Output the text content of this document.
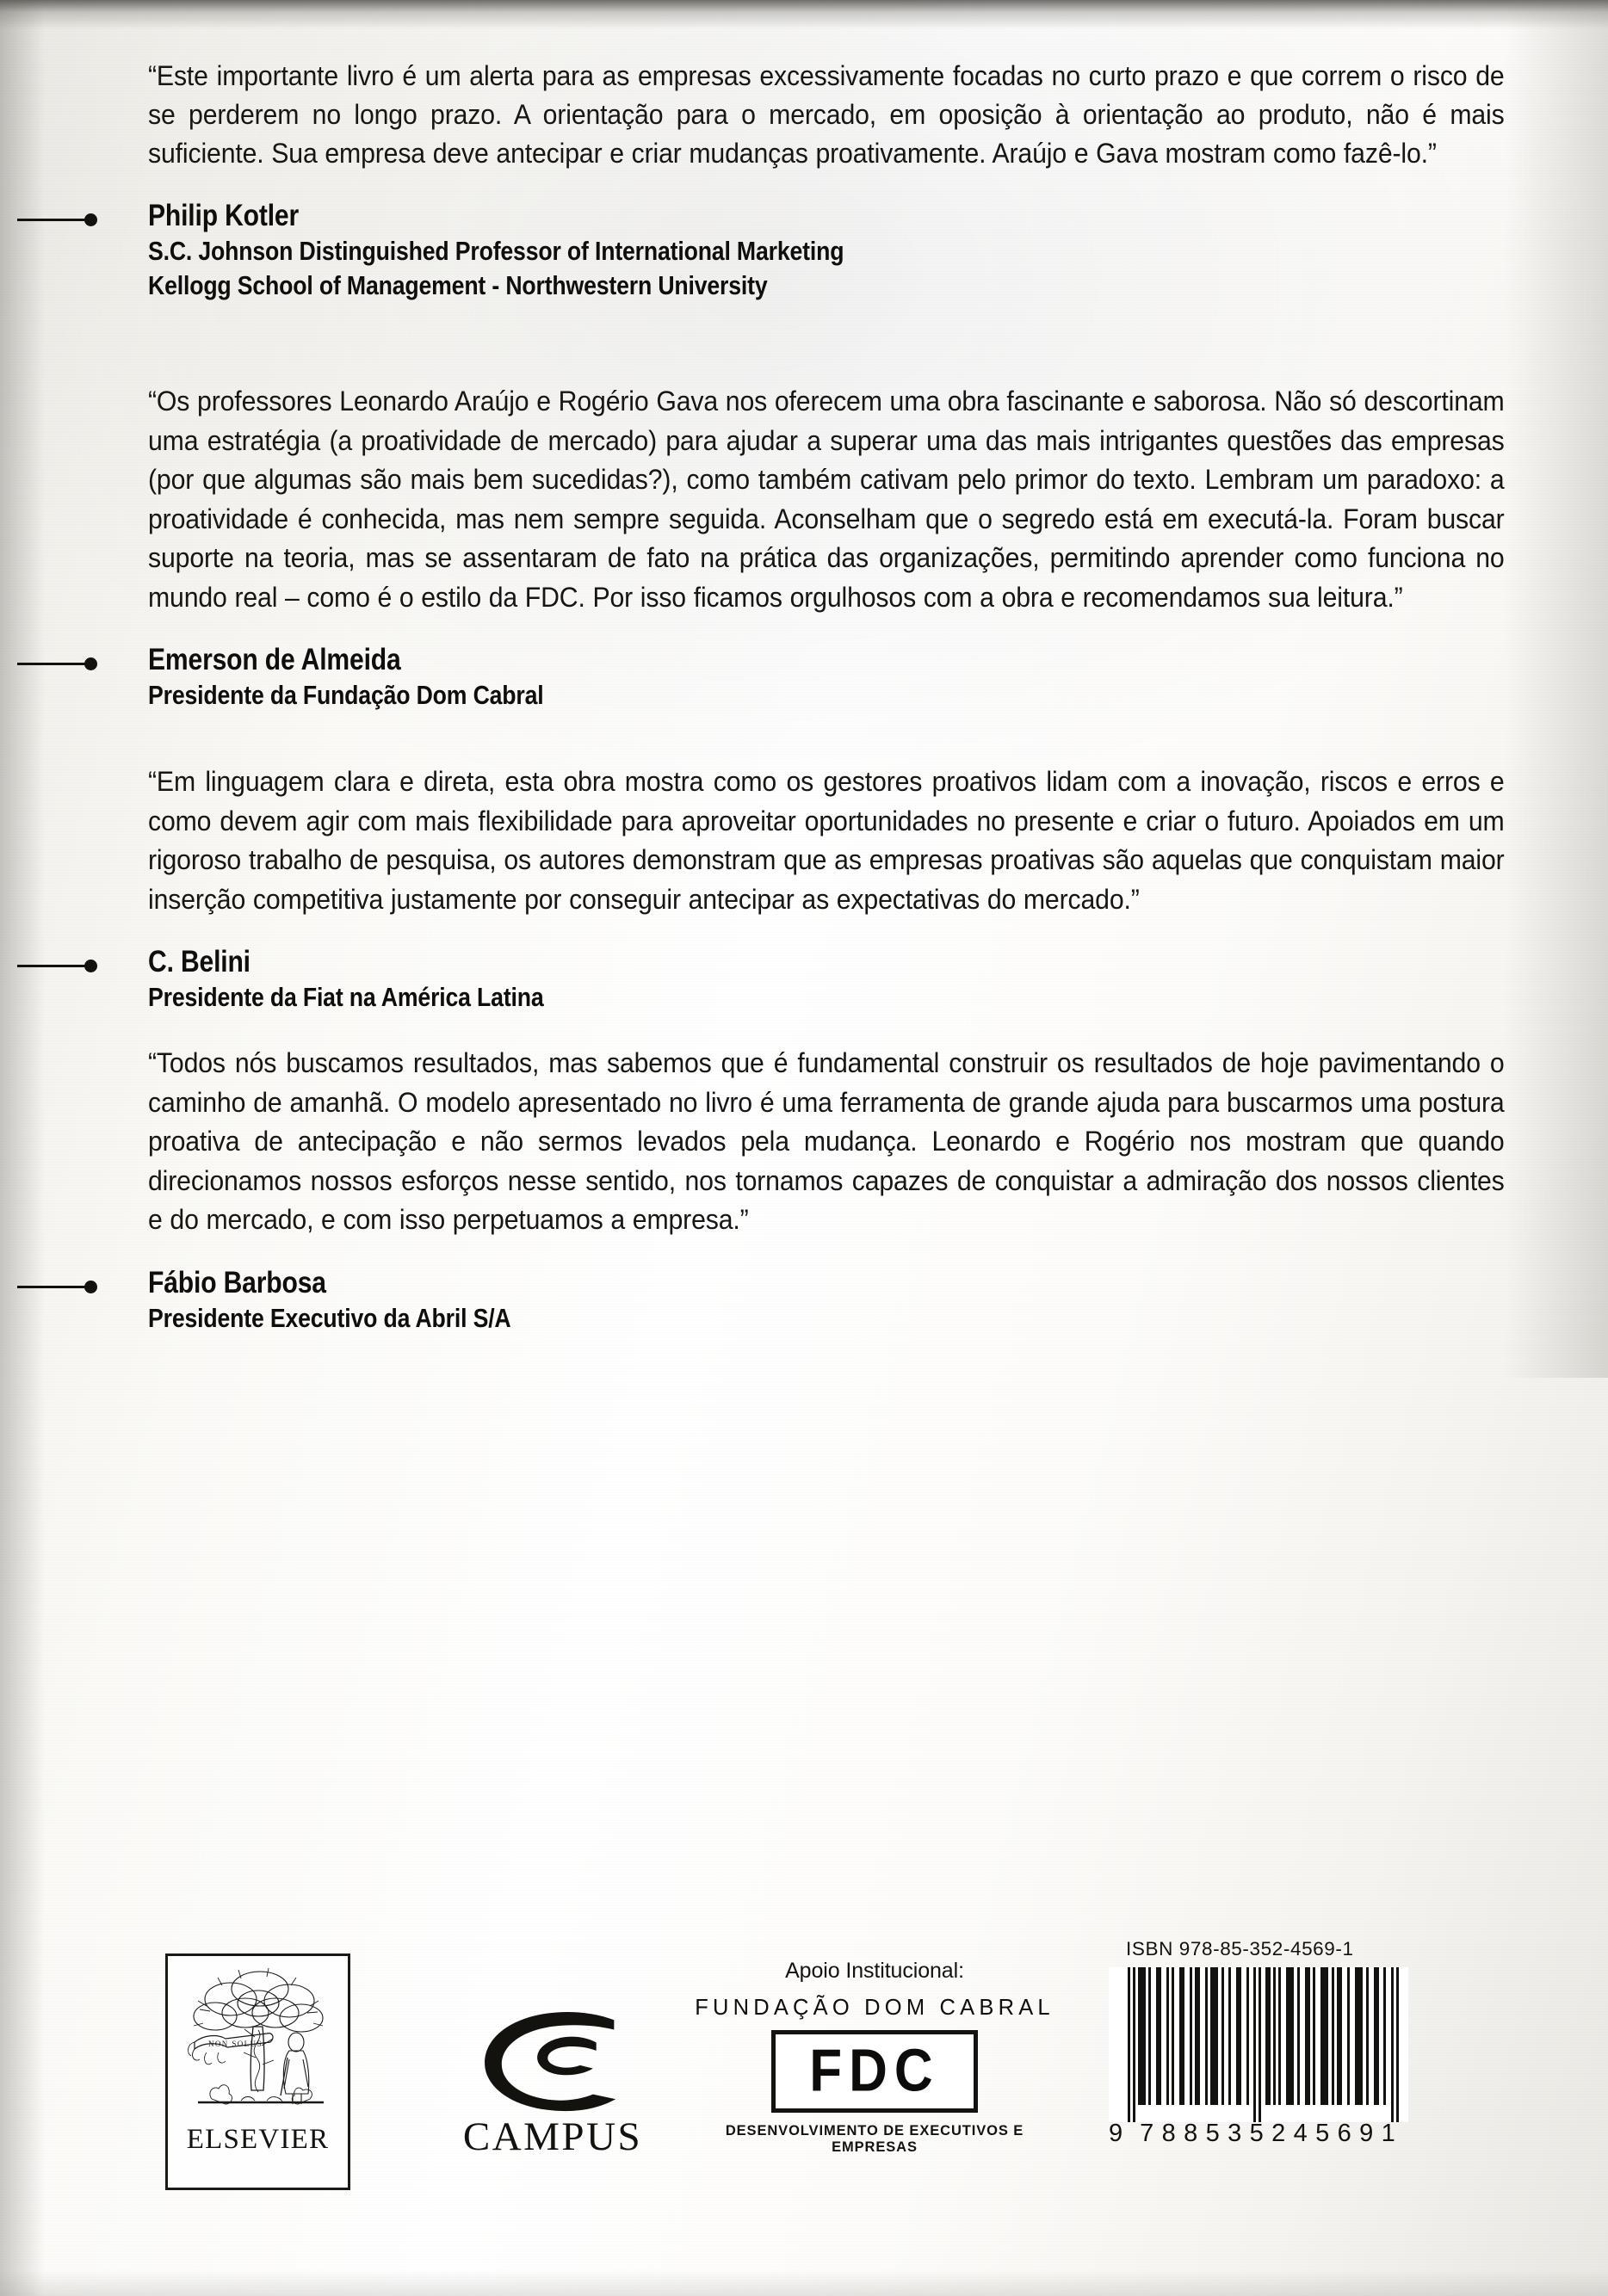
“Este importante livro é um alerta para as empresas excessivamente focadas no curto prazo e que correm o risco de se perderem no longo prazo. A orientação para o mercado, em oposição à orientação ao produto, não é mais suficiente. Sua empresa deve antecipar e criar mudanças proativamente. Araújo e Gava mostram como fazê-lo.”

Philip Kotler
S.C. Johnson Distinguished Professor of International Marketing
Kellogg School of Management - Northwestern University

“Os professores Leonardo Araújo e Rogério Gava nos oferecem uma obra fascinante e saborosa. Não só descortinam uma estratégia (a proatividade de mercado) para ajudar a superar uma das mais intrigantes questões das empresas (por que algumas são mais bem sucedidas?), como também cativam pelo primor do texto. Lembram um paradoxo: a proatividade é conhecida, mas nem sempre seguida. Aconselham que o segredo está em executá-la. Foram buscar suporte na teoria, mas se assentaram de fato na prática das organizações, permitindo aprender como funciona no mundo real – como é o estilo da FDC. Por isso ficamos orgulhosos com a obra e recomendamos sua leitura.”

Emerson de Almeida
Presidente da Fundação Dom Cabral

“Em linguagem clara e direta, esta obra mostra como os gestores proativos lidam com a inovação, riscos e erros e como devem agir com mais flexibilidade para aproveitar oportunidades no presente e criar o futuro. Apoiados em um rigoroso trabalho de pesquisa, os autores demonstram que as empresas proativas são aquelas que conquistam maior inserção competitiva justamente por conseguir antecipar as expectativas do mercado.”

C. Belini
Presidente da Fiat na América Latina

“Todos nós buscamos resultados, mas sabemos que é fundamental construir os resultados de hoje pavimentando o caminho de amanhã. O modelo apresentado no livro é uma ferramenta de grande ajuda para buscarmos uma postura proativa de antecipação e não sermos levados pela mudança. Leonardo e Rogério nos mostram que quando direcionamos nossos esforços nesse sentido, nos tornamos capazes de conquistar a admiração dos nossos clientes e do mercado, e com isso perpetuamos a empresa.”

Fábio Barbosa
Presidente Executivo da Abril S/A
NON SOLUS
ELSEVIER	CAMPUS
Apoio Institucional:
FUNDAÇÃO DOM CABRAL
FDC
DESENVOLVIMENTO DE EXECUTIVOS E EMPRESAS
ISBN 978-85-352-4569-1
9 7 8 8 5 3 5 2 4 5 6 9 1
